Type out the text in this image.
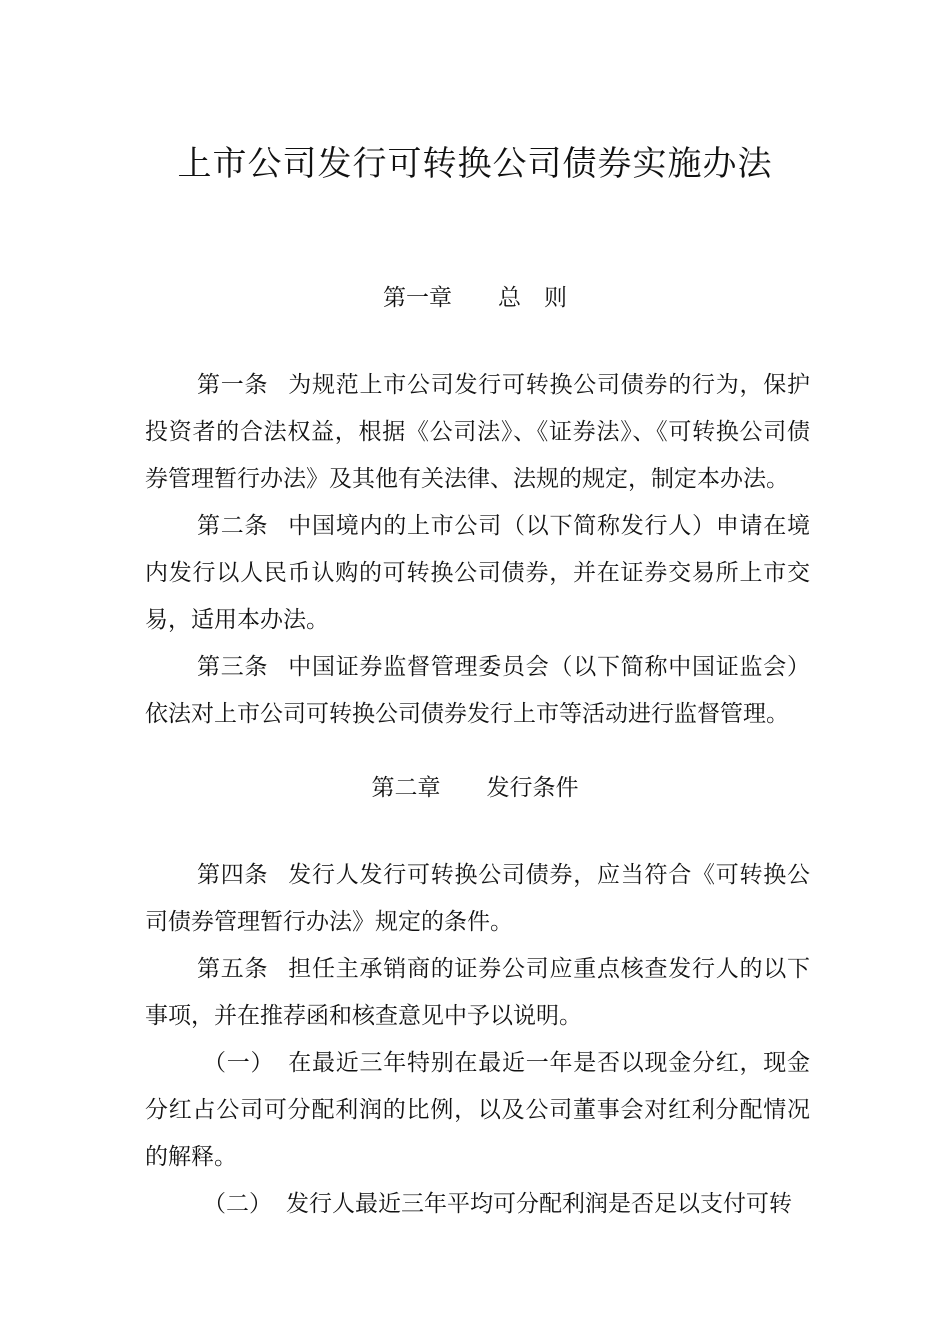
上市公司发行可转换公司债券实施办法
第一章　　总　则

第一条 为规范上市公司发行可转换公司债券的行为，保护投资者的合法权益，根据《公司法》、《证券法》、《可转换公司债券管理暂行办法》及其他有关法律、法规的规定，制定本办法。

第二条 中国境内的上市公司（以下简称发行人）申请在境内发行以人民币认购的可转换公司债券，并在证券交易所上市交易，适用本办法。

第三条 中国证券监督管理委员会（以下简称中国证监会）依法对上市公司可转换公司债券发行上市等活动进行监督管理。

第二章　　发行条件

第四条 发行人发行可转换公司债券，应当符合《可转换公司债券管理暂行办法》规定的条件。

第五条 担任主承销商的证券公司应重点核查发行人的以下事项，并在推荐函和核查意见中予以说明。

（一） 在最近三年特别在最近一年是否以现金分红，现金分红占公司可分配利润的比例，以及公司董事会对红利分配情况的解释。

（二） 发行人最近三年平均可分配利润是否足以支付可转
